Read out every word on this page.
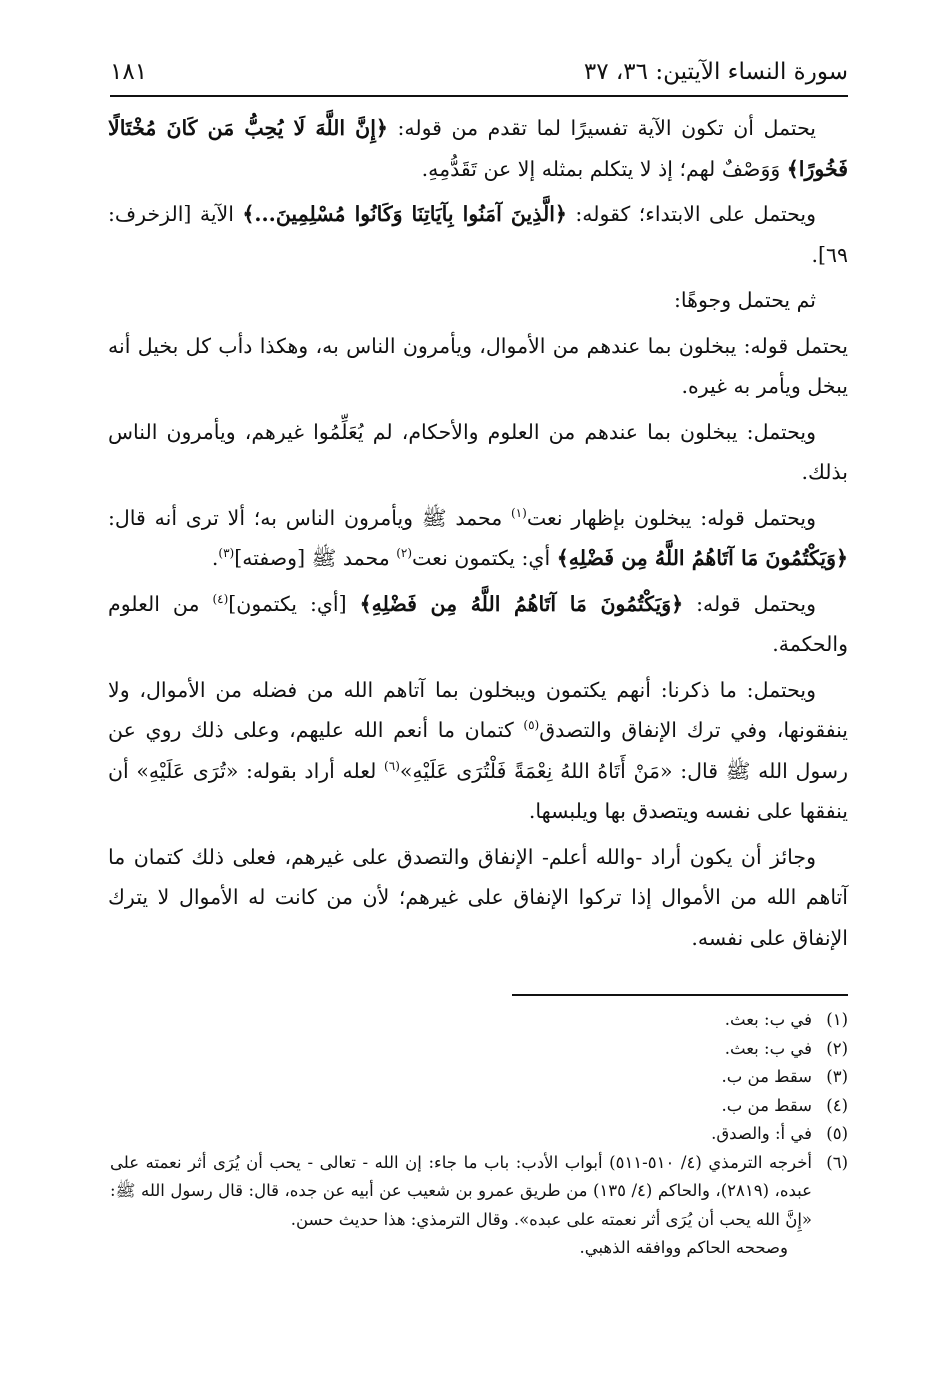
سورة النساء الآيتين: ٣٦، ٣٧
١٨١

يحتمل أن تكون الآية تفسيرًا لما تقدم من قوله: ﴿إِنَّ اللَّهَ لَا يُحِبُّ مَن كَانَ مُخْتَالًا فَخُورًا﴾ وَوَصْفٌ لهم؛ إذ لا يتكلم بمثله إلا عن تَقَدُّمِهِ.

ويحتمل على الابتداء؛ كقوله: ﴿الَّذِينَ آمَنُوا بِآيَاتِنَا وَكَانُوا مُسْلِمِينَ...﴾ الآية [الزخرف: ٦٩].

ثم يحتمل وجوهًا:

يحتمل قوله: يبخلون بما عندهم من الأموال، ويأمرون الناس به، وهكذا دأب كل بخيل أنه يبخل ويأمر به غيره.

ويحتمل: يبخلون بما عندهم من العلوم والأحكام، لم يُعَلِّمُوا غيرهم، ويأمرون الناس بذلك.

ويحتمل قوله: يبخلون بإظهار نعت$^{(١)}$ محمد ﷺ ويأمرون الناس به؛ ألا ترى أنه قال: ﴿وَيَكْتُمُونَ مَا آتَاهُمُ اللَّهُ مِن فَضْلِهِ﴾ أي: يكتمون نعت$^{(٢)}$ محمد ﷺ [وصفته]$^{(٣)}$.

ويحتمل قوله: ﴿وَيَكْتُمُونَ مَا آتَاهُمُ اللَّهُ مِن فَضْلِهِ﴾ [أي: يكتمون]$^{(٤)}$ من العلوم والحكمة.

ويحتمل: ما ذكرنا: أنهم يكتمون ويبخلون بما آتاهم الله من فضله من الأموال، ولا ينفقونها، وفي ترك الإنفاق والتصدق$^{(٥)}$ كتمان ما أنعم الله عليهم، وعلى ذلك روي عن رسول الله ﷺ قال: «مَنْ أَتَاهُ اللهُ نِعْمَةً فَلْتُرَى عَلَيْهِ»$^{(٦)}$ لعله أراد بقوله: «تُرَى عَلَيْهِ» أن ينفقها على نفسه ويتصدق بها ويلبسها.

وجائز أن يكون أراد -والله أعلم- الإنفاق والتصدق على غيرهم، فعلى ذلك كتمان ما آتاهم الله من الأموال إذا تركوا الإنفاق على غيرهم؛ لأن من كانت له الأموال لا يترك الإنفاق على نفسه.

(١)
في ب: بعث.
(٢)
في ب: بعث.
(٣)
سقط من ب.
(٤)
سقط من ب.
(٥)
في أ: والصدق.
(٦)
أخرجه الترمذي (٤/ ٥١٠-٥١١) أبواب الأدب: باب ما جاء: إن الله - تعالى - يحب أن يُرَى أثر نعمته على عبده، (٢٨١٩)، والحاكم (٤/ ١٣٥) من طريق عمرو بن شعيب عن أبيه عن جده، قال: قال رسول الله ﷺ: «إِنَّ الله يحب أن يُرَى أثر نعمته على عبده». وقال الترمذي: هذا حديث حسن.
وصححه الحاكم ووافقه الذهبي.
